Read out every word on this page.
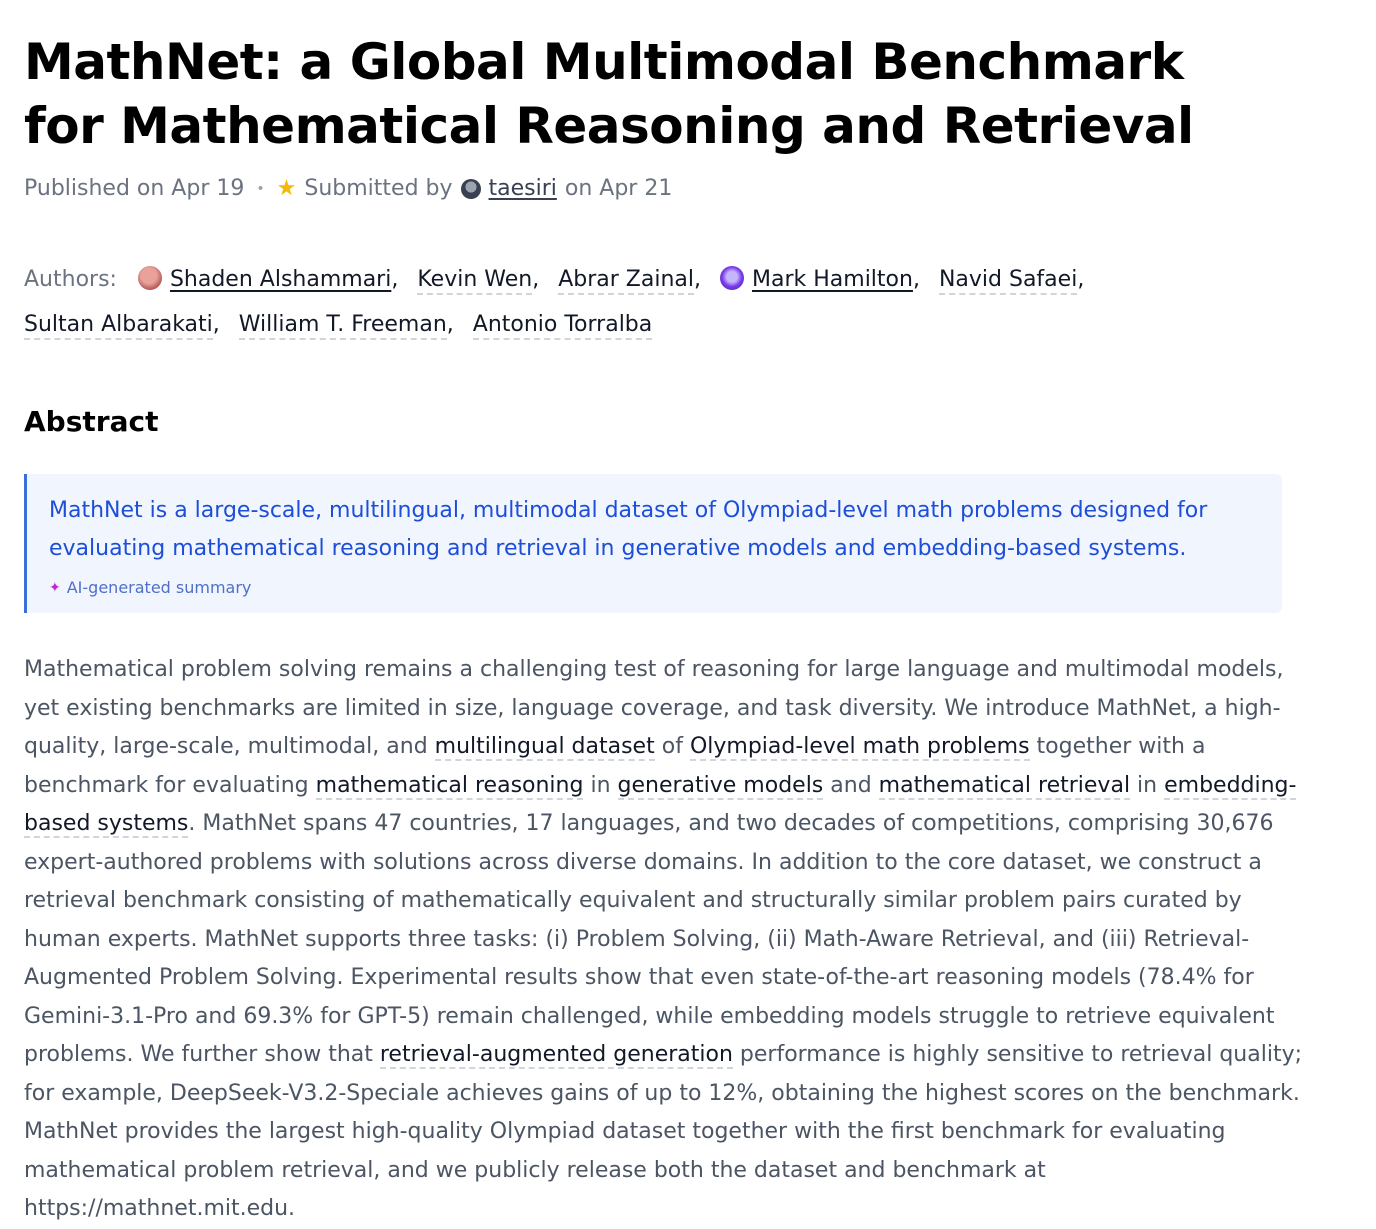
MathNet: a Global Multimodal Benchmark for Mathematical Reasoning and Retrieval
Published on Apr 19 • ★ Submitted by taesiri on Apr 21
Authors: Shaden Alshammari, Kevin Wen, Abrar Zainal, Mark Hamilton, Navid Safaei, Sultan Albarakati, William T. Freeman, Antonio Torralba
Abstract
MathNet is a large-scale, multilingual, multimodal dataset of Olympiad-level math problems designed for evaluating mathematical reasoning and retrieval in generative models and embedding-based systems.
✦ AI-generated summary
Mathematical problem solving remains a challenging test of reasoning for large language and multimodal models, yet existing benchmarks are limited in size, language coverage, and task diversity. We introduce MathNet, a high-quality, large-scale, multimodal, and multilingual dataset of Olympiad-level math problems together with a benchmark for evaluating mathematical reasoning in generative models and mathematical retrieval in embedding-based systems. MathNet spans 47 countries, 17 languages, and two decades of competitions, comprising 30,676 expert-authored problems with solutions across diverse domains. In addition to the core dataset, we construct a retrieval benchmark consisting of mathematically equivalent and structurally similar problem pairs curated by human experts. MathNet supports three tasks: (i) Problem Solving, (ii) Math-Aware Retrieval, and (iii) Retrieval-Augmented Problem Solving. Experimental results show that even state-of-the-art reasoning models (78.4% for Gemini-3.1-Pro and 69.3% for GPT-5) remain challenged, while embedding models struggle to retrieve equivalent problems. We further show that retrieval-augmented generation performance is highly sensitive to retrieval quality; for example, DeepSeek-V3.2-Speciale achieves gains of up to 12%, obtaining the highest scores on the benchmark. MathNet provides the largest high-quality Olympiad dataset together with the first benchmark for evaluating mathematical problem retrieval, and we publicly release both the dataset and benchmark at https://mathnet.mit.edu.
